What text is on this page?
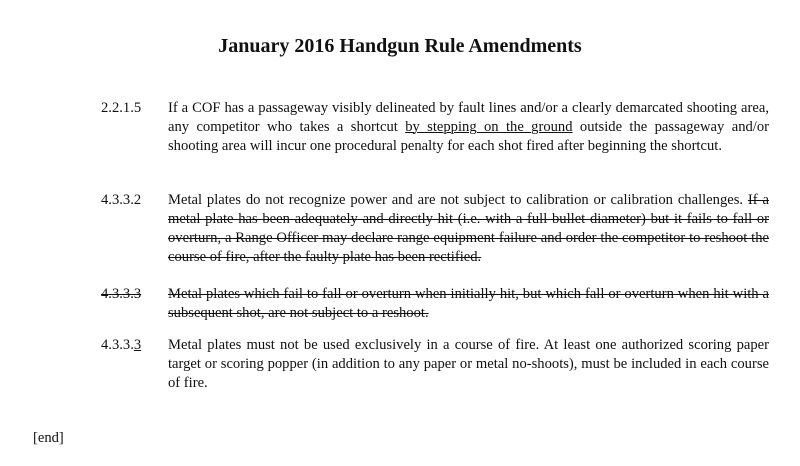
January 2016 Handgun Rule Amendments
2.2.1.5 If a COF has a passageway visibly delineated by fault lines and/or a clearly demarcated shooting area, any competitor who takes a shortcut by stepping on the ground outside the passageway and/or shooting area will incur one procedural penalty for each shot fired after beginning the shortcut.
4.3.3.2 Metal plates do not recognize power and are not subject to calibration or calibration challenges. If a metal plate has been adequately and directly hit (i.e. with a full bullet diameter) but it fails to fall or overturn, a Range Officer may declare range equipment failure and order the competitor to reshoot the course of fire, after the faulty plate has been rectified.
4.3.3.3 Metal plates which fail to fall or overturn when initially hit, but which fall or overturn when hit with a subsequent shot, are not subject to a reshoot.
4.3.3.3 Metal plates must not be used exclusively in a course of fire. At least one authorized scoring paper target or scoring popper (in addition to any paper or metal no-shoots), must be included in each course of fire.
[end]
